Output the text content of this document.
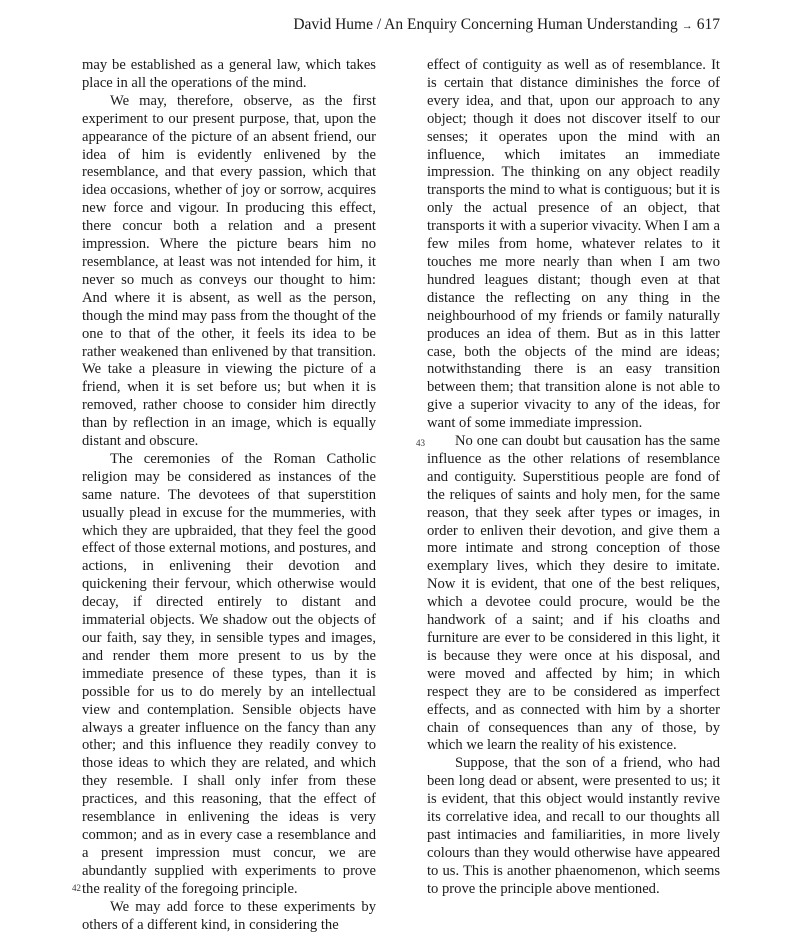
David Hume / An Enquiry Concerning Human Understanding → 617

may be established as a general law, which takes place in all the operations of the mind.

We may, therefore, observe, as the first experiment to our present purpose, that, upon the appearance of the picture of an absent friend, our idea of him is evidently enlivened by the resemblance, and that every passion, which that idea occasions, whether of joy or sorrow, acquires new force and vigour. In producing this effect, there concur both a relation and a present impression. Where the picture bears him no resemblance, at least was not intended for him, it never so much as conveys our thought to him: And where it is absent, as well as the person, though the mind may pass from the thought of the one to that of the other, it feels its idea to be rather weakened than enlivened by that transition. We take a pleasure in viewing the picture of a friend, when it is set before us; but when it is removed, rather choose to consider him directly than by reflection in an image, which is equally distant and obscure.

The ceremonies of the Roman Catholic religion may be considered as instances of the same nature. The devotees of that superstition usually plead in excuse for the mummeries, with which they are upbraided, that they feel the good effect of those external motions, and postures, and actions, in enlivening their devotion and quickening their fervour, which otherwise would decay, if directed entirely to distant and immaterial objects. We shadow out the objects of our faith, say they, in sensible types and images, and render them more present to us by the immediate presence of these types, than it is possible for us to do merely by an intellectual view and contemplation. Sensible objects have always a greater influence on the fancy than any other; and this influence they readily convey to those ideas to which they are related, and which they resemble. I shall only infer from these practices, and this reasoning, that the effect of resemblance in enlivening the ideas is very common; and as in every case a resemblance and a present impression must concur, we are abundantly supplied with experiments to prove the reality of the foregoing principle.

We may add force to these experiments by others of a different kind, in considering the

42

effect of contiguity as well as of resemblance. It is certain that distance diminishes the force of every idea, and that, upon our approach to any object; though it does not discover itself to our senses; it operates upon the mind with an influence, which imitates an immediate impression. The thinking on any object readily transports the mind to what is contiguous; but it is only the actual presence of an object, that transports it with a superior vivacity. When I am a few miles from home, whatever relates to it touches me more nearly than when I am two hundred leagues distant; though even at that distance the reflecting on any thing in the neighbourhood of my friends or family naturally produces an idea of them. But as in this latter case, both the objects of the mind are ideas; notwithstanding there is an easy transition between them; that transition alone is not able to give a superior vivacity to any of the ideas, for want of some immediate impression.

No one can doubt but causation has the same influence as the other relations of resemblance and contiguity. Superstitious people are fond of the reliques of saints and holy men, for the same reason, that they seek after types or images, in order to enliven their devotion, and give them a more intimate and strong conception of those exemplary lives, which they desire to imitate. Now it is evident, that one of the best reliques, which a devotee could procure, would be the handwork of a saint; and if his cloaths and furniture are ever to be considered in this light, it is because they were once at his disposal, and were moved and affected by him; in which respect they are to be considered as imperfect effects, and as connected with him by a shorter chain of consequences than any of those, by which we learn the reality of his existence.

Suppose, that the son of a friend, who had been long dead or absent, were presented to us; it is evident, that this object would instantly revive its correlative idea, and recall to our thoughts all past intimacies and familiarities, in more lively colours than they would otherwise have appeared to us. This is another phaenomenon, which seems to prove the principle above mentioned.

43
